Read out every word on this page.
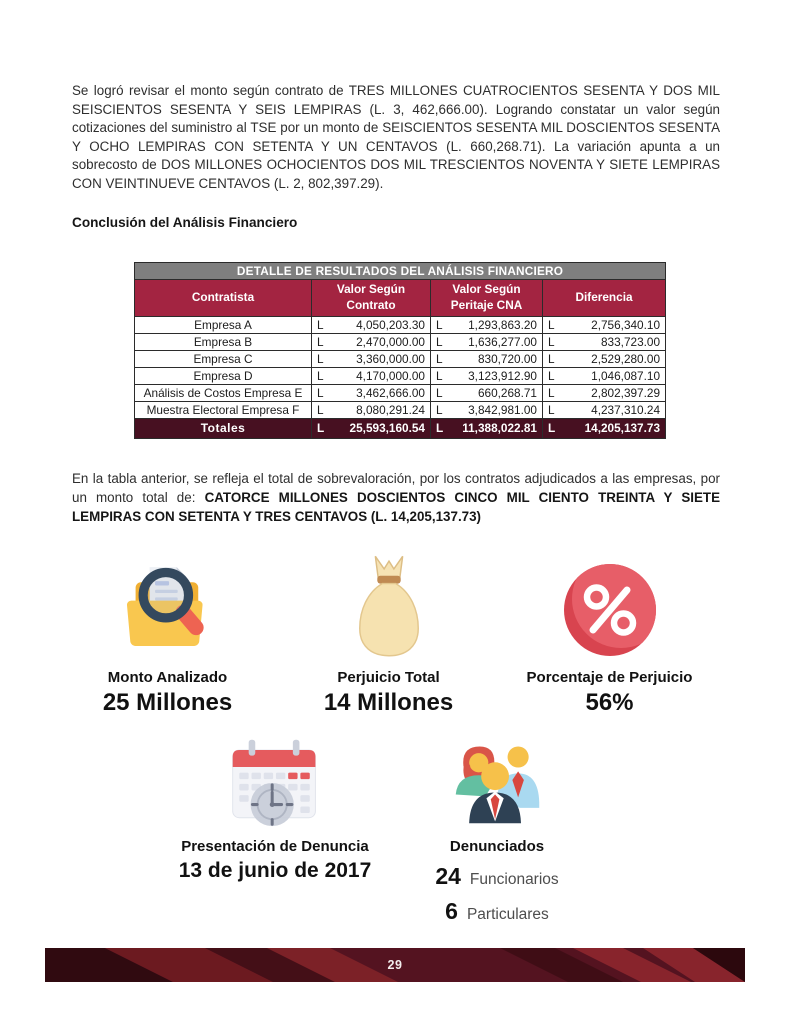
Se logró revisar el monto según contrato de TRES MILLONES CUATROCIENTOS SESENTA Y DOS MIL SEISCIENTOS SESENTA Y SEIS LEMPIRAS (L. 3, 462,666.00). Logrando constatar un valor según cotizaciones del suministro al TSE por un monto de SEISCIENTOS SESENTA MIL DOSCIENTOS SESENTA Y OCHO LEMPIRAS CON SETENTA Y UN CENTAVOS (L. 660,268.71). La variación apunta a un sobrecosto de DOS MILLONES OCHOCIENTOS DOS MIL TRESCIENTOS NOVENTA Y SIETE LEMPIRAS CON VEINTINUEVE CENTAVOS (L. 2, 802,397.29).

Conclusión del Análisis Financiero
DETALLE DE RESULTADOS DEL ANÁLISIS FINANCIERO			
Contratista	Valor Según Contrato	Valor Según Peritaje CNA	Diferencia
Empresa A	L 4,050,203.30	L 1,293,863.20	L 2,756,340.10

Empresa B	L 2,470,000.00	L 1,636,277.00	L 833,723.00

Empresa C	L 3,360,000.00	L 830,720.00	L 2,529,280.00

Empresa D	L 4,170,000.00	L 3,123,912.90	L 1,046,087.10

Análisis de Costos Empresa E	L 3,462,666.00	L 660,268.71	L 2,802,397.29

Muestra Electoral Empresa F	L 8,080,291.24	L 3,842,981.00	L 4,237,310.24

Totales	L 25,593,160.54	L 11,388,022.81	L 14,205,137.73

En la tabla anterior, se refleja el total de sobrevaloración, por los contratos adjudicados a las empresas, por un monto total de: CATORCE MILLONES DOSCIENTOS CINCO MIL CIENTO TREINTA Y SIETE LEMPIRAS CON SETENTA Y TRES CENTAVOS (L. 14,205,137.73)

Monto Analizado
25 Millones
Perjuicio Total
14 Millones
Porcentaje de Perjuicio
56%
Presentación de Denuncia
13 de junio de 2017
Denunciados
24 Funcionarios
6 Particulares
29
